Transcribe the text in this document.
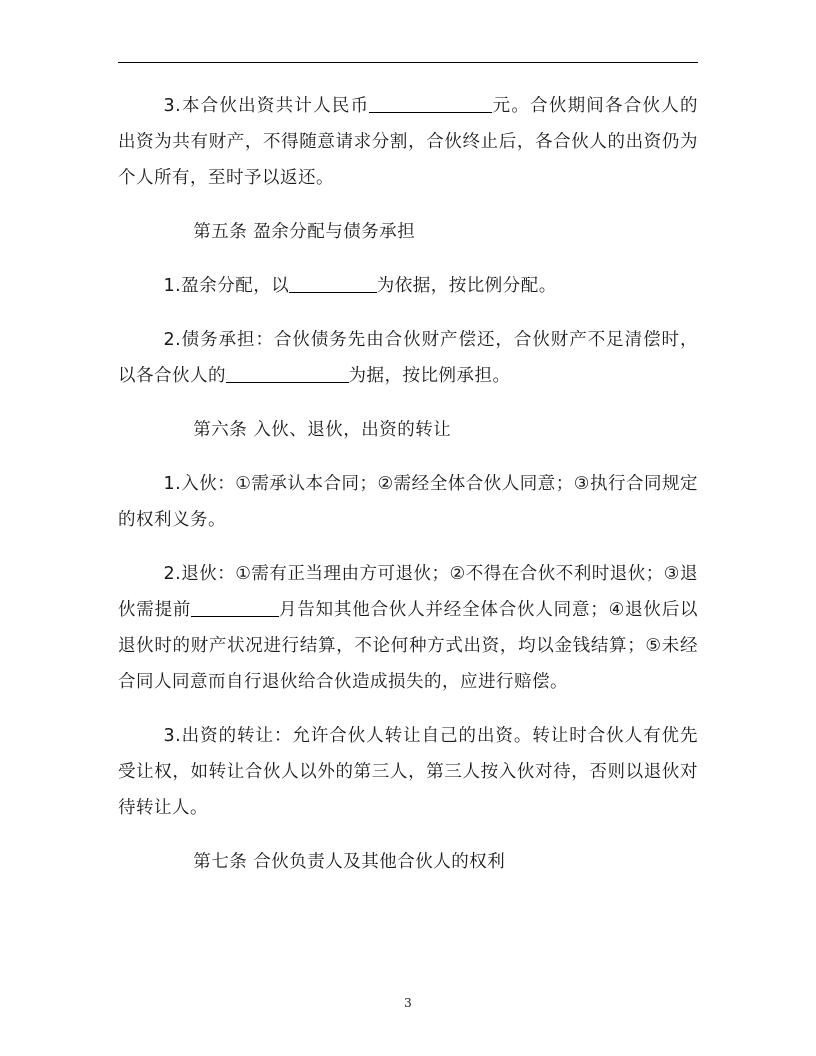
3.本合伙出资共计人民币	元。合伙期间各合伙人的出资为共有财产，不得随意请求分割，合伙终止后，各合伙人的出资仍为个人所有，至时予以返还。

第五条 盈余分配与债务承担

1.盈余分配，以	为依据，按比例分配。

2.债务承担：合伙债务先由合伙财产偿还，合伙财产不足清偿时，以各合伙人的	为据，按比例承担。

第六条 入伙、退伙，出资的转让

1.入伙：①需承认本合同；②需经全体合伙人同意；③执行合同规定的权利义务。

2.退伙：①需有正当理由方可退伙；②不得在合伙不利时退伙；③退伙需提前	月告知其他合伙人并经全体合伙人同意；④退伙后以退伙时的财产状况进行结算，不论何种方式出资，均以金钱结算；⑤未经合同人同意而自行退伙给合伙造成损失的，应进行赔偿。

3.出资的转让：允许合伙人转让自己的出资。转让时合伙人有优先受让权，如转让合伙人以外的第三人，第三人按入伙对待，否则以退伙对待转让人。

第七条 合伙负责人及其他合伙人的权利

3
